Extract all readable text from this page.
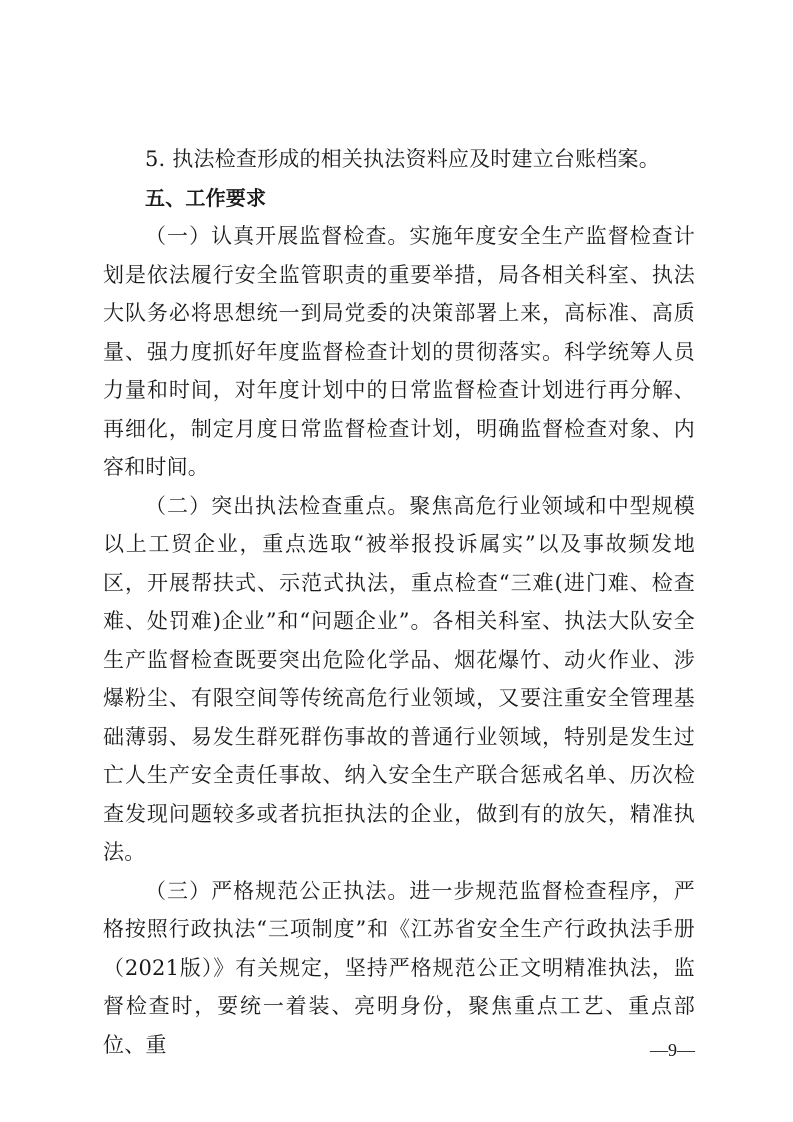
5. 执法检查形成的相关执法资料应及时建立台账档案。

五、工作要求

（一）认真开展监督检查。实施年度安全生产监督检查计划是依法履行安全监管职责的重要举措，局各相关科室、执法大队务必将思想统一到局党委的决策部署上来，高标准、高质量、强力度抓好年度监督检查计划的贯彻落实。科学统筹人员力量和时间，对年度计划中的日常监督检查计划进行再分解、再细化，制定月度日常监督检查计划，明确监督检查对象、内容和时间。

（二）突出执法检查重点。聚焦高危行业领域和中型规模以上工贸企业，重点选取“被举报投诉属实”以及事故频发地区，开展帮扶式、示范式执法，重点检查“三难(进门难、检查难、处罚难)企业”和“问题企业”。各相关科室、执法大队安全生产监督检查既要突出危险化学品、烟花爆竹、动火作业、涉爆粉尘、有限空间等传统高危行业领域，又要注重安全管理基础薄弱、易发生群死群伤事故的普通行业领域，特别是发生过亡人生产安全责任事故、纳入安全生产联合惩戒名单、历次检查发现问题较多或者抗拒执法的企业，做到有的放矢，精准执法。

（三）严格规范公正执法。进一步规范监督检查程序，严格按照行政执法“三项制度”和《江苏省安全生产行政执法手册（2021版）》有关规定，坚持严格规范公正文明精准执法，监督检查时，要统一着装、亮明身份，聚焦重点工艺、重点部位、重	—9—
